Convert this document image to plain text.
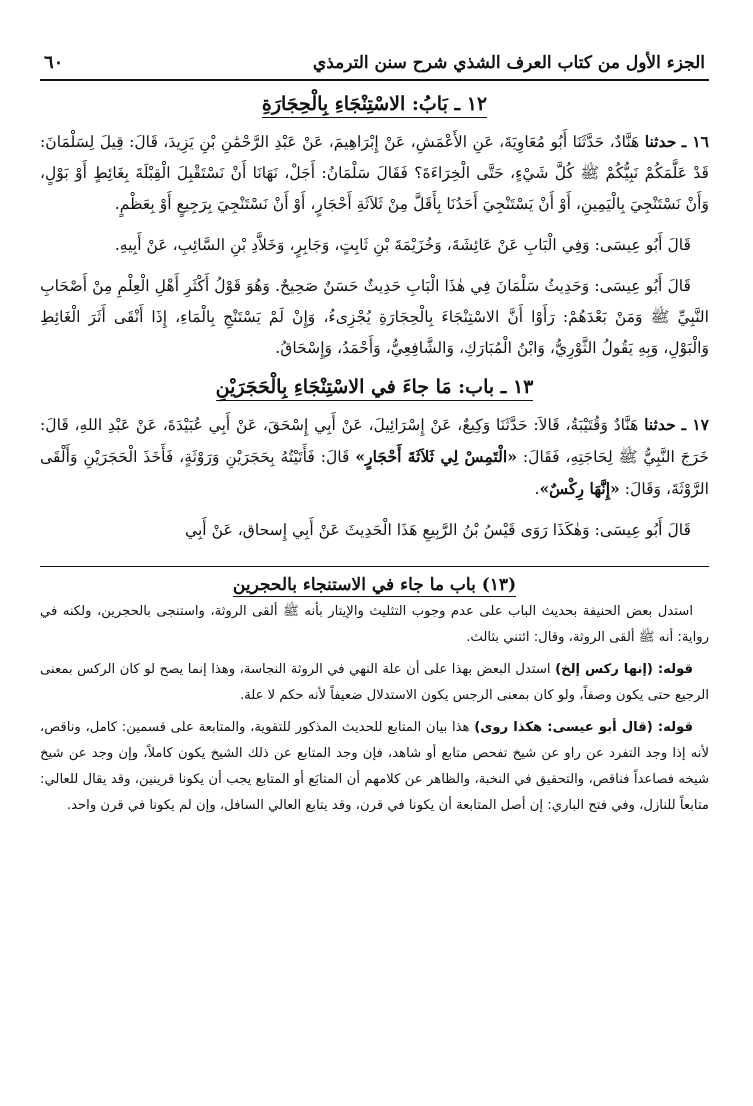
الجزء الأول من كتاب العرف الشذي شرح سنن الترمذي
٦٠
١٢ ـ بَابُ: الاسْتِنْجَاءِ بِالْحِجَارَةِ

١٦ ـ حدثنا هَنَّادٌ، حَدَّثَنَا أَبُو مُعَاوِيَةَ، عَنِ الأَعْمَشِ، عَنْ إِبْرَاهِيمَ، عَنْ عَبْدِ الرَّحْمَٰنِ بْنِ يَزِيدَ، قَالَ: قِيلَ لِسَلْمَانَ: قَدْ عَلَّمَكُمْ نَبِيُّكُمْ ﷺ كُلَّ شَيْءٍ، حَتَّى الْخِرَاءَةَ؟ فَقَالَ سَلْمَانُ: أَجَلْ، نَهَانَا أَنْ نَسْتَقْبِلَ الْقِبْلَةَ بِغَائِطٍ أَوْ بَوْلٍ، وَأَنْ نَسْتَنْجِيَ بِالْيَمِينِ، أَوْ أَنْ يَسْتَنْجِيَ أَحَدُنَا بِأَقَلَّ مِنْ ثَلاَثَةِ أَحْجَارٍ، أَوْ أَنْ نَسْتَنْجِيَ بِرَجِيعٍ أَوْ بِعَظْمٍ.

قَالَ أَبُو عِيسَى: وَفِي الْبَابِ عَنْ عَائِشَةَ، وَخُزَيْمَةَ بْنِ ثَابِتٍ، وَجَابِرٍ، وَخَلاَّدِ بْنِ السَّائِبِ، عَنْ أَبِيهِ.

قَالَ أَبُو عِيسَى: وَحَدِيثُ سَلْمَانَ فِي هٰذَا الْبَابِ حَدِيثٌ حَسَنٌ صَحِيحٌ. وَهُوَ قَوْلُ أَكْثَرِ أَهْلِ الْعِلْمِ مِنْ أَصْحَابِ النَّبِيِّ ﷺ وَمَنْ بَعْدَهُمْ: رَأَوْا أَنَّ الاسْتِنْجَاءَ بِالْحِجَارَةِ يُجْزِىءُ، وَإِنْ لَمْ يَسْتَنْجِ بِالْمَاءِ، إِذَا أَنْقَى أَثَرَ الْغَائِطِ وَالْبَوْلِ، وَبِهِ يَقُولُ الثَّوْرِيُّ، وَابْنُ الْمُبَارَكِ، وَالشَّافِعِيُّ، وَأَحْمَدُ، وَإِسْحَاقُ.

١٣ ـ باب: مَا جاءَ في الاسْتِنْجَاءِ بِالْحَجَرَيْنِ

١٧ ـ حدثنا هَنَّادٌ وَقُتَيْبَةُ، قَالاَ: حَدَّثَنَا وَكِيعٌ، عَنْ إِسْرَائِيلَ، عَنْ أَبِي إِسْحَقَ، عَنْ أَبِي عُبَيْدَةَ، عَنْ عَبْدِ اللهِ، قَالَ: خَرَجَ النَّبِيُّ ﷺ لِحَاجَتِهِ، فَقَالَ: «الْتَمِسْ لِي ثَلاَثَةَ أَحْجَارٍ» قَالَ: فَأَتَيْتُهُ بِحَجَرَيْنِ وَرَوْثَةٍ، فَأَخَذَ الْحَجَرَيْنِ وَأَلْقَى الرَّوْثَةَ، وَقَالَ: «إِنَّهَا رِكْسٌ».

قَالَ أَبُو عِيسَى: وَهٰكَذَا رَوَى قَيْسُ بْنُ الرَّبِيعِ هَذَا الْحَدِيثَ عَنْ أَبِي إِسحاق، عَنْ أَبِي

(١٣) باب ما جاء في الاستنجاء بالحجرين

استدل بعض الحنيفة بحديث الباب على عدم وجوب التثليث والإيتار بأنه ﷺ ألقى الروثة، واستنجى بالحجرين، ولكنه في رواية: أنه ﷺ ألقى الروثة، وقال: ائتني بثالث.

قوله: (إنها ركس إلخ) استدل البعض بهذا على أن علة النهي في الروثة النجاسة، وهذا إنما يصح لو كان الركس بمعنى الرجيع حتى يكون وصفاً، ولو كان بمعنى الرجس يكون الاستدلال ضعيفاً لأنه حكم لا علة.

قوله: (قال أبو عيسى: هكذا روى) هذا بيان المتابع للحديث المذكور للتقوية، والمتابعة على قسمين: كامل، وناقص، لأنه إذا وجد التفرد عن راو عن شيخ تفحص متابع أو شاهد، فإن وجد المتابع عن ذلك الشيخ يكون كاملاً، وإن وجد عن شيخ شيخه فصاعداً فناقص، والتحقيق في النخبة، والظاهر عن كلامهم أن المتابَع أو المتابع يجب أن يكونا قرينين، وقد يقال للعالي: متابعاً للنازل، وفي فتح الباري: إن أصل المتابعة أن يكونا في قرن، وقد يتابع العالي السافل، وإن لم يكونا في قرن واحد.
